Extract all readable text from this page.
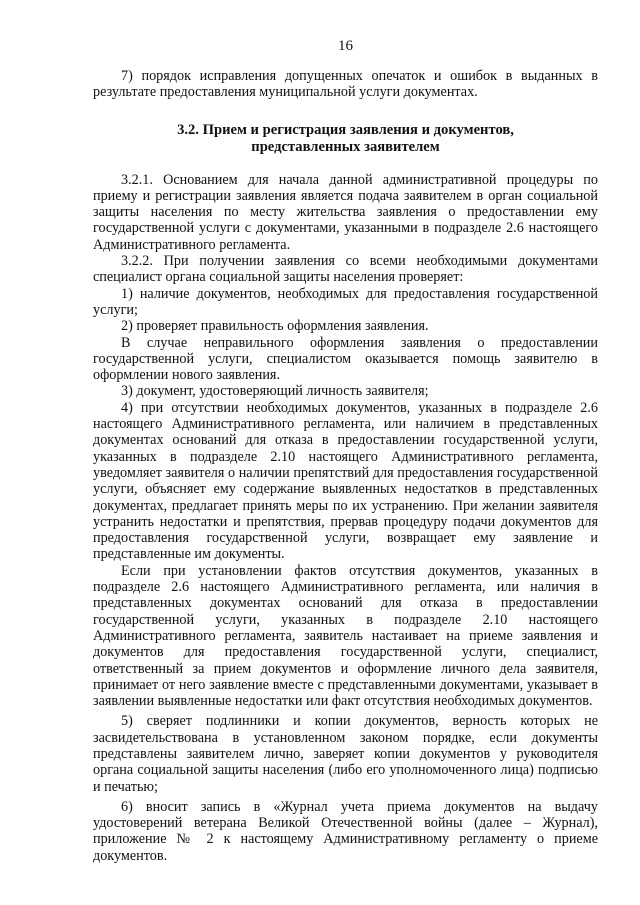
16

7) порядок исправления допущенных опечаток и ошибок в выданных в результате предоставления муниципальной услуги документах.

3.2. Прием и регистрация заявления и документов,
представленных заявителем

3.2.1. Основанием для начала данной административной процедуры по приему и регистрации заявления является подача заявителем в орган социальной защиты населения по месту жительства заявления о предоставлении ему государственной услуги с документами, указанными в подразделе 2.6 настоящего Административного регламента.

3.2.2. При получении заявления со всеми необходимыми документами специалист органа социальной защиты населения проверяет:

1) наличие документов, необходимых для предоставления государственной услуги;

2) проверяет правильность оформления заявления.

В случае неправильного оформления заявления о предоставлении государственной услуги, специалистом оказывается помощь заявителю в оформлении нового заявления.

3) документ, удостоверяющий личность заявителя;

4) при отсутствии необходимых документов, указанных в подразделе 2.6 настоящего Административного регламента, или наличием в представленных документах оснований для отказа в предоставлении государственной услуги, указанных в подразделе 2.10 настоящего Административного регламента, уведомляет заявителя о наличии препятствий для предоставления государственной услуги, объясняет ему содержание выявленных недостатков в представленных документах, предлагает принять меры по их устранению. При желании заявителя устранить недостатки и препятствия, прервав процедуру подачи документов для предоставления государственной услуги, возвращает ему заявление и представленные им документы.

Если при установлении фактов отсутствия документов, указанных в подразделе 2.6 настоящего Административного регламента, или наличия в представленных документах оснований для отказа в предоставлении государственной услуги, указанных в подразделе 2.10 настоящего Административного регламента, заявитель настаивает на приеме заявления и документов для предоставления государственной услуги, специалист, ответственный за прием документов и оформление личного дела заявителя, принимает от него заявление вместе с представленными документами, указывает в заявлении выявленные недостатки или факт отсутствия необходимых документов.

5) сверяет подлинники и копии документов, верность которых не засвидетельствована в установленном законом порядке, если документы представлены заявителем лично, заверяет копии документов у руководителя органа социальной защиты населения (либо его уполномоченного лица) подписью и печатью;

6) вносит запись в «Журнал учета приема документов на выдачу удостоверений ветерана Великой Отечественной войны (далее – Журнал), приложение № 2 к настоящему Административному регламенту о приеме документов.
